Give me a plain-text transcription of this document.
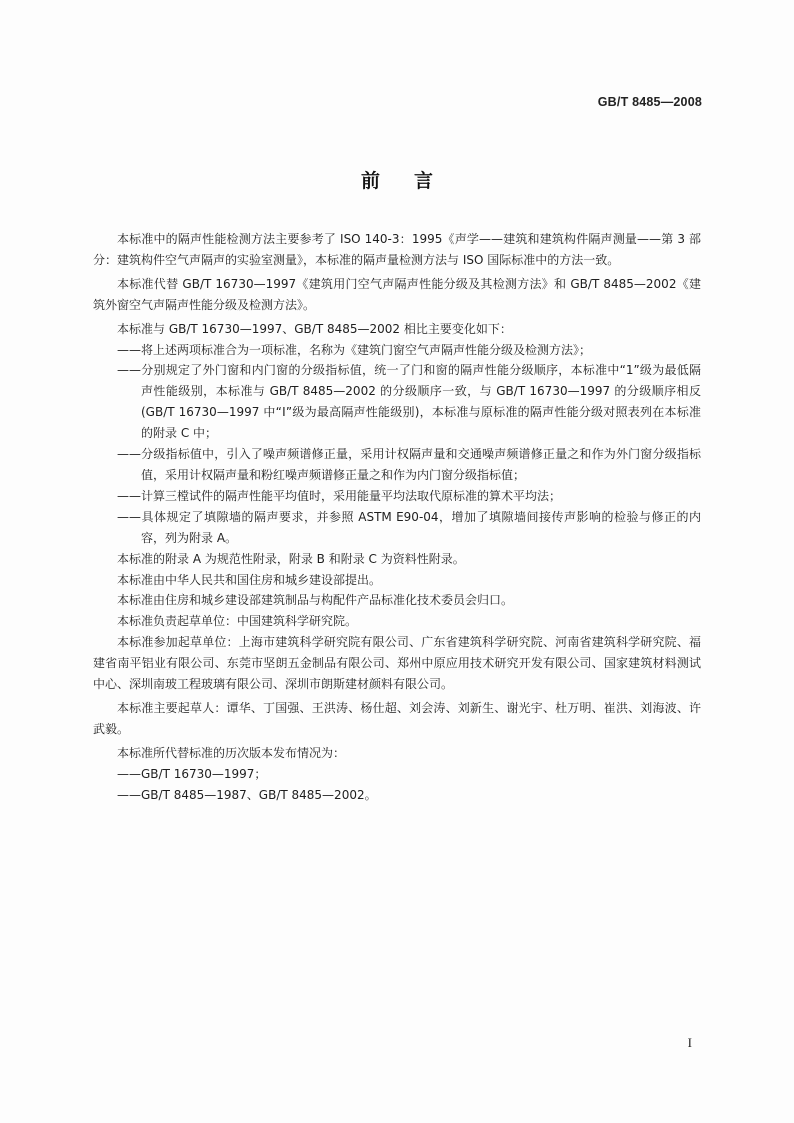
GB/T 8485—2008
前言

本标准中的隔声性能检测方法主要参考了 ISO 140-3：1995《声学——建筑和建筑构件隔声测量——第 3 部分：建筑构件空气声隔声的实验室测量》，本标准的隔声量检测方法与 ISO 国际标准中的方法一致。

本标准代替 GB/T 16730—1997《建筑用门空气声隔声性能分级及其检测方法》和 GB/T 8485—2002《建筑外窗空气声隔声性能分级及检测方法》。

本标准与 GB/T 16730—1997、GB/T 8485—2002 相比主要变化如下：

——将上述两项标准合为一项标准，名称为《建筑门窗空气声隔声性能分级及检测方法》；

——分别规定了外门窗和内门窗的分级指标值，统一了门和窗的隔声性能分级顺序，本标准中“1”级为最低隔声性能级别，本标准与 GB/T 8485—2002 的分级顺序一致，与 GB/T 16730—1997 的分级顺序相反(GB/T 16730—1997 中“Ⅰ”级为最高隔声性能级别)，本标准与原标准的隔声性能分级对照表列在本标准的附录 C 中；

——分级指标值中，引入了噪声频谱修正量，采用计权隔声量和交通噪声频谱修正量之和作为外门窗分级指标值，采用计权隔声量和粉红噪声频谱修正量之和作为内门窗分级指标值；

——计算三樘试件的隔声性能平均值时，采用能量平均法取代原标准的算术平均法；

——具体规定了填隙墙的隔声要求，并参照 ASTM E90-04，增加了填隙墙间接传声影响的检验与修正的内容，列为附录 A。

本标准的附录 A 为规范性附录，附录 B 和附录 C 为资料性附录。

本标准由中华人民共和国住房和城乡建设部提出。

本标准由住房和城乡建设部建筑制品与构配件产品标准化技术委员会归口。

本标准负责起草单位：中国建筑科学研究院。

本标准参加起草单位：上海市建筑科学研究院有限公司、广东省建筑科学研究院、河南省建筑科学研究院、福建省南平铝业有限公司、东莞市坚朗五金制品有限公司、郑州中原应用技术研究开发有限公司、国家建筑材料测试中心、深圳南玻工程玻璃有限公司、深圳市朗斯建材颜料有限公司。

本标准主要起草人：谭华、丁国强、王洪涛、杨仕超、刘会涛、刘新生、谢光宇、杜万明、崔洪、刘海波、许武毅。

本标准所代替标准的历次版本发布情况为：

——GB/T 16730—1997；

——GB/T 8485—1987、GB/T 8485—2002。

I
